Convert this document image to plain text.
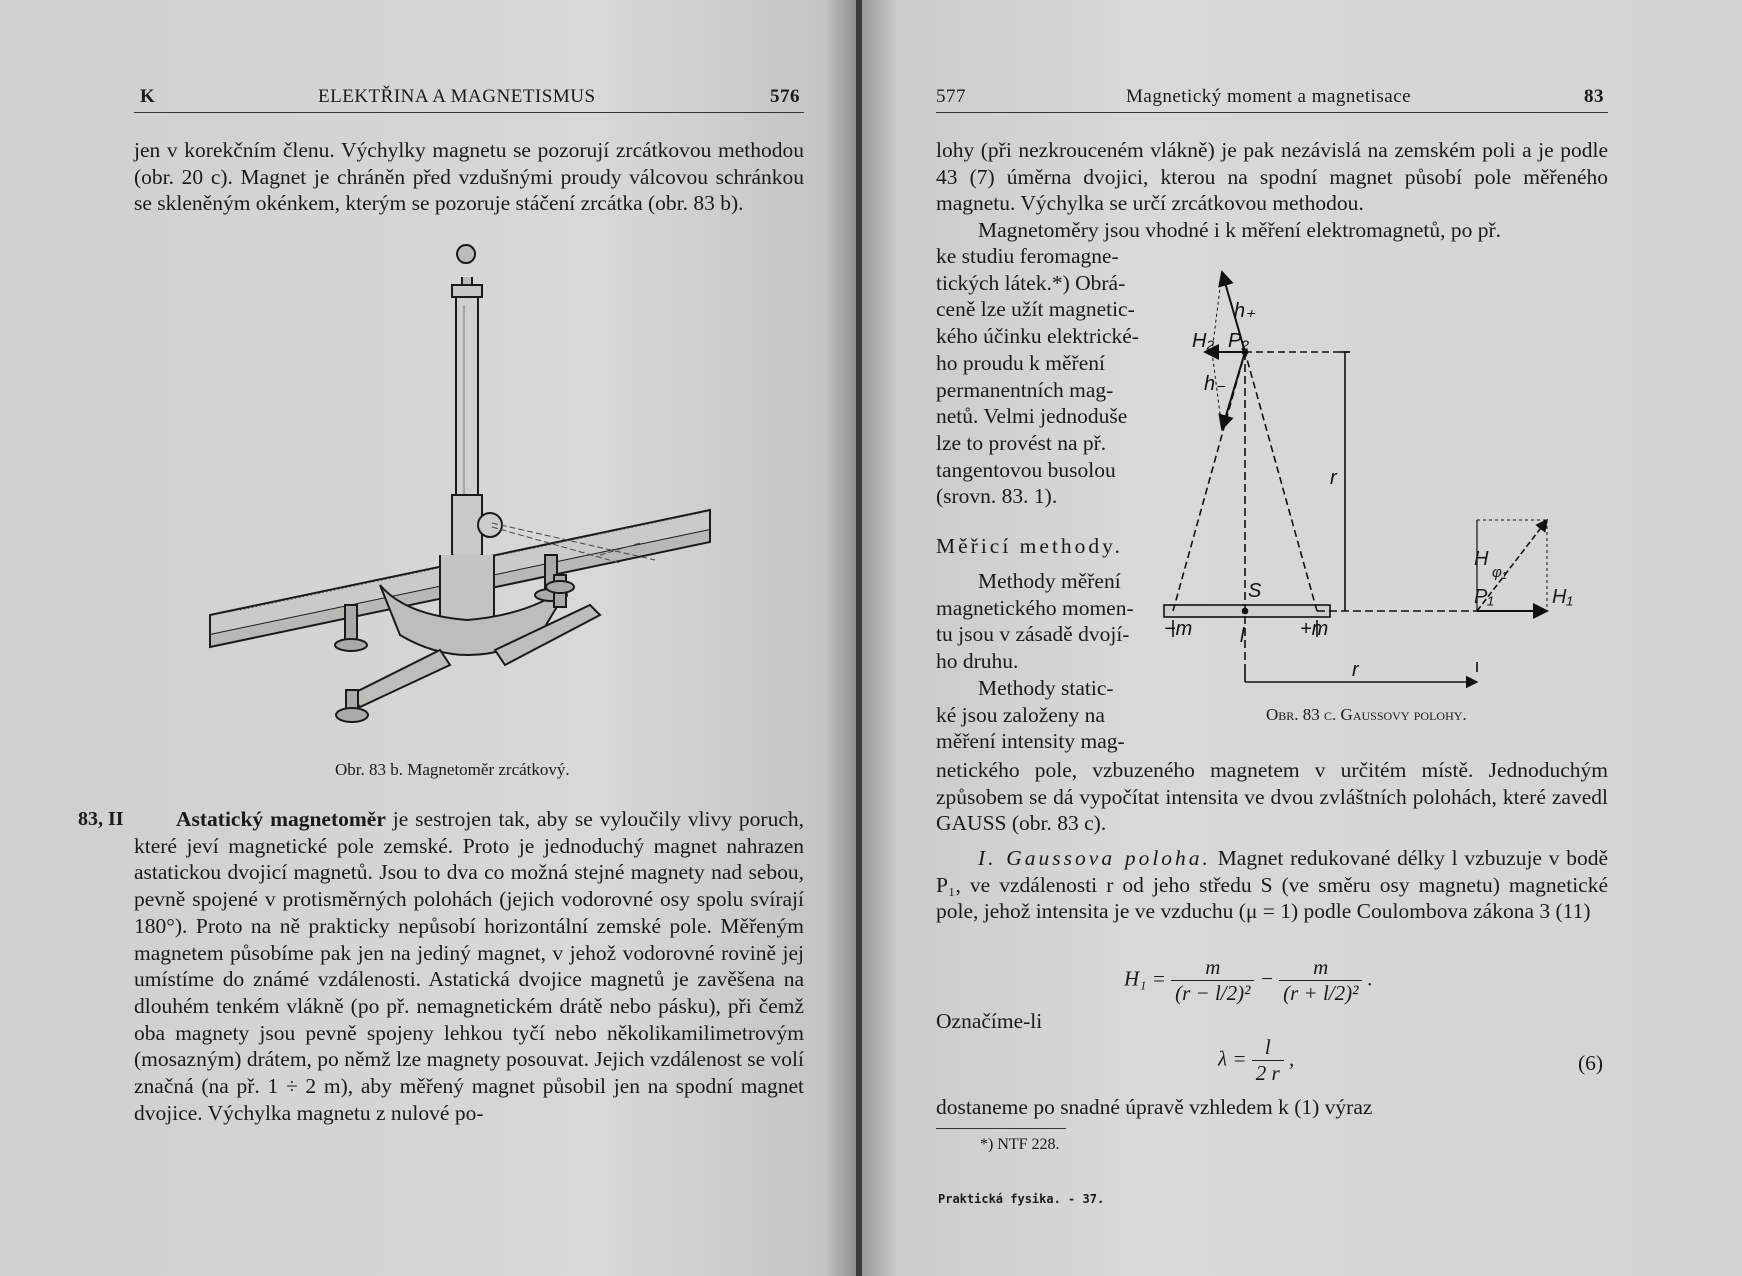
K	ELEKTŘINA A MAGNETISMUS	576
jen v korekčním členu. Výchylky magnetu se pozorují zrcátkovou methodou (obr. 20 c). Magnet je chráněn před vzdušnými proudy válcovou schránkou se skleněným okénkem, kterým se pozoruje stáčení zrcátka (obr. 83 b).
Obr. 83 b. Magnetoměr zrcátkový.
83, II	Astatický magnetoměr je sestrojen tak, aby se vyloučily vlivy poruch, které jeví magnetické pole zemské. Proto je jednoduchý magnet nahrazen astatickou dvojicí magnetů. Jsou to dva co možná stejné magnety nad sebou, pevně spojené v protisměrných polohách (jejich vodorovné osy spolu svírají 180°). Proto na ně prakticky nepůsobí horizontální zemské pole. Měřeným magnetem působíme pak jen na jediný magnet, v jehož vodorovné rovině jej umístíme do známé vzdálenosti. Astatická dvojice magnetů je zavěšena na dlouhém tenkém vlákně (po př. nemagnetickém drátě nebo pásku), při čemž oba magnety jsou pevně spojeny lehkou tyčí nebo několikamilimetrovým (mosazným) drátem, po němž lze magnety posouvat. Jejich vzdálenost se volí značná (na př. 1 ÷ 2 m), aby měřený magnet působil jen na spodní magnet dvojice. Výchylka magnetu z nulové po-
577	Magnetický moment a magnetisace	83
lohy (při nezkrouceném vlákně) je pak nezávislá na zemském poli a je podle 43 (7) úměrna dvojici, kterou na spodní magnet působí pole měřeného magnetu. Výchylka se určí zrcátkovou methodou.
Magnetoměry jsou vhodné i k měření elektromagnetů, po př.

ke studiu feromagne-

tických látek.*) Obrá-

ceně lze užít magnetic-

kého účinku elektrické-

ho proudu k měření

permanentních mag-

netů. Velmi jednoduše

lze to provést na př.

tangentovou busolou

(srovn. 83. 1).

Měřicí methody.

Methody měření

magnetického momen-

tu jsou v zásadě dvojí-

ho druhu.

Methody static-

ké jsou založeny na

měření intensity mag-

h₊
H₂ P₂
h₋
r
S
−m l	+m
r
H
φ₁
P₁	H₁
Obr. 83 c. Gaussovy polohy.
netického pole, vzbuzeného magnetem v určitém místě. Jednoduchým způsobem se dá vypočítat intensita ve dvou zvláštních polohách, které zavedl GAUSS (obr. 83 c).
I. Gaussova poloha. Magnet redukované délky l vzbuzuje v bodě P₁, ve vzdálenosti r od jeho středu S (ve směru osy magnetu) magnetické pole, jehož intensita je ve vzduchu (μ = 1) podle Coulombova zákona 3 (11)
$H_1 = \frac{m}{\text{(r − l/2)²}} - \frac{m}{\text{(r + l/2)²}}$ .
Označíme-li
$\lambda = \frac{l}{2 r}$ ,	(6)
dostaneme po snadné úpravě vzhledem k (1) výraz
*) NTF 228.
Praktická fysika. - 37.
